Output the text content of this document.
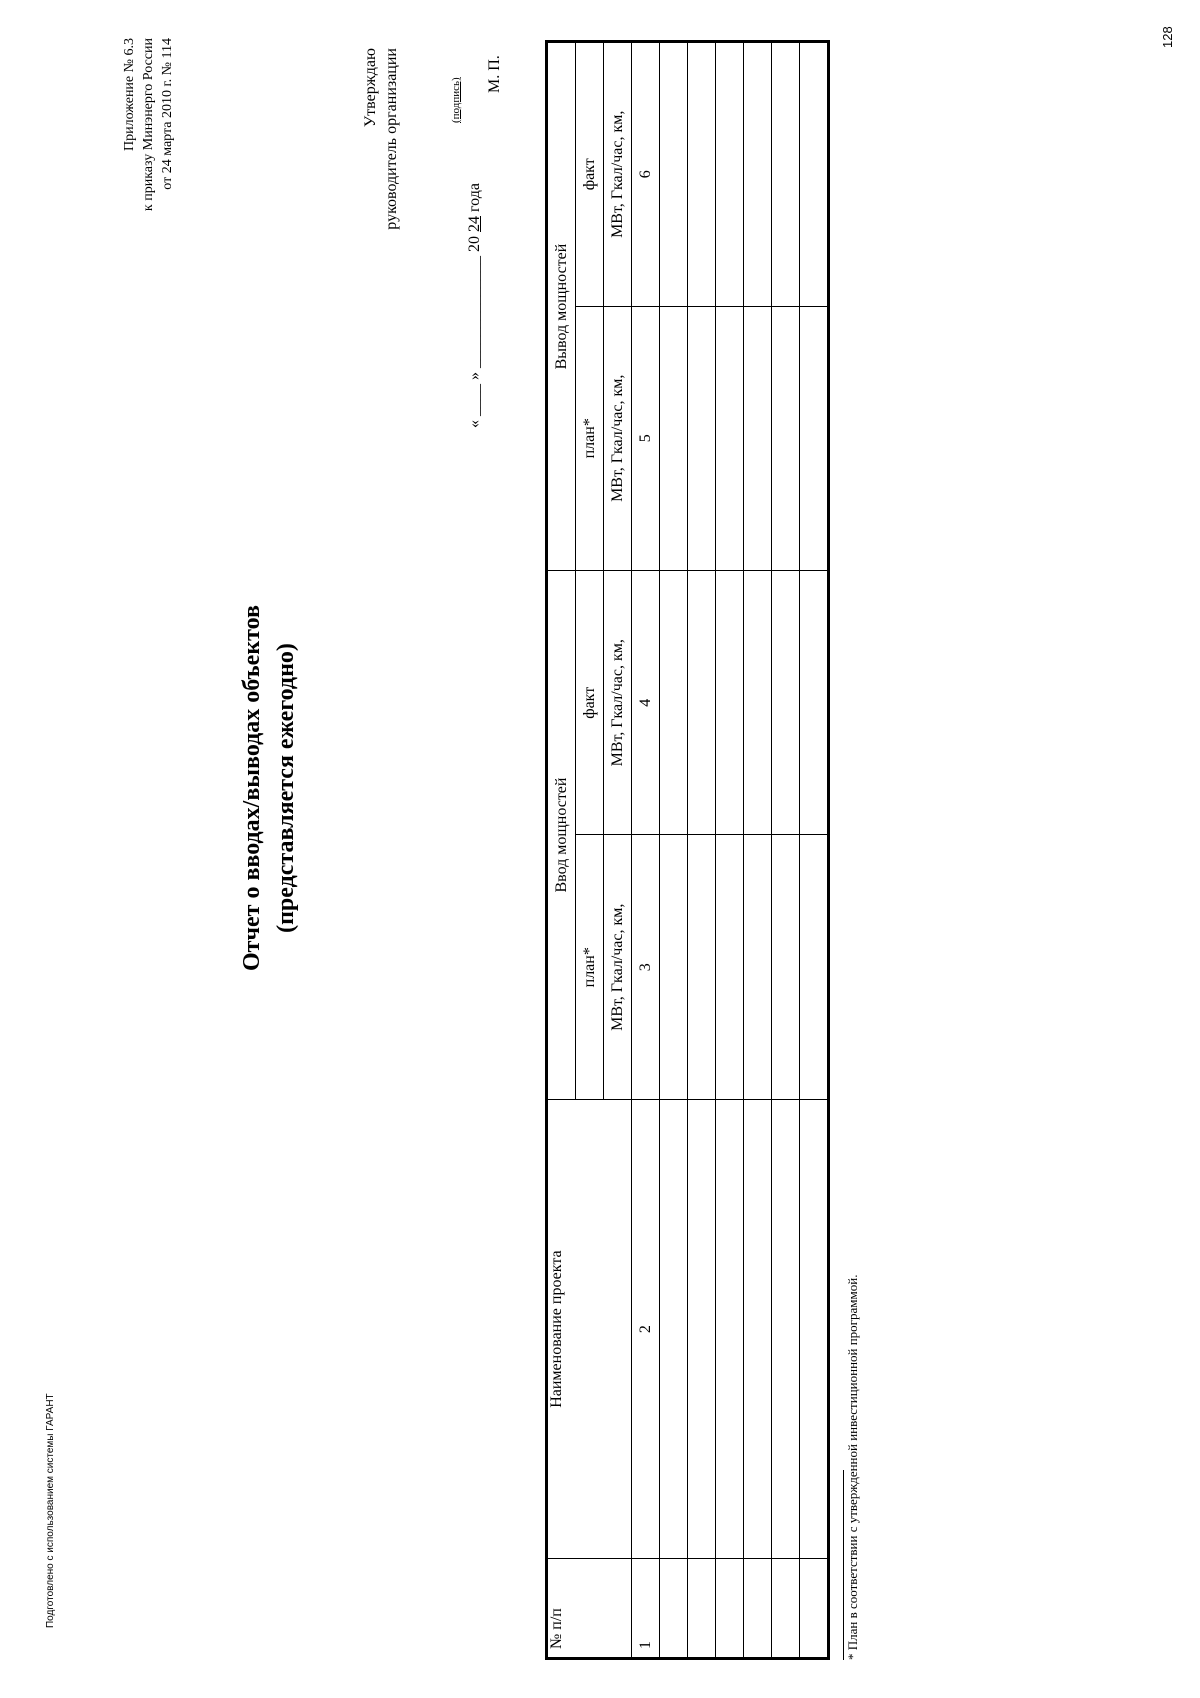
Подготовлено с использованием системы ГАРАНТ
128
Приложение № 6.3 к приказу Минэнерго России от 24 марта 2010 г. № 114	Утверждаю руководитель организации	(подпись)
« ____ » ______________ 20 24 года
М. П.
Отчет о вводах/выводах объектов (представляется ежегодно)
№ п/п	Наименование проекта	Ввод мощностей		Вывод мощностей	
		план*	факт	план*	факт
		МВт, Гкал/час, км,	МВт, Гкал/час, км,	МВт, Гкал/час, км,	МВт, Гкал/час, км,
1	2	3	4	5	6

* План в соответствии с утвержденной инвестиционной программой.
